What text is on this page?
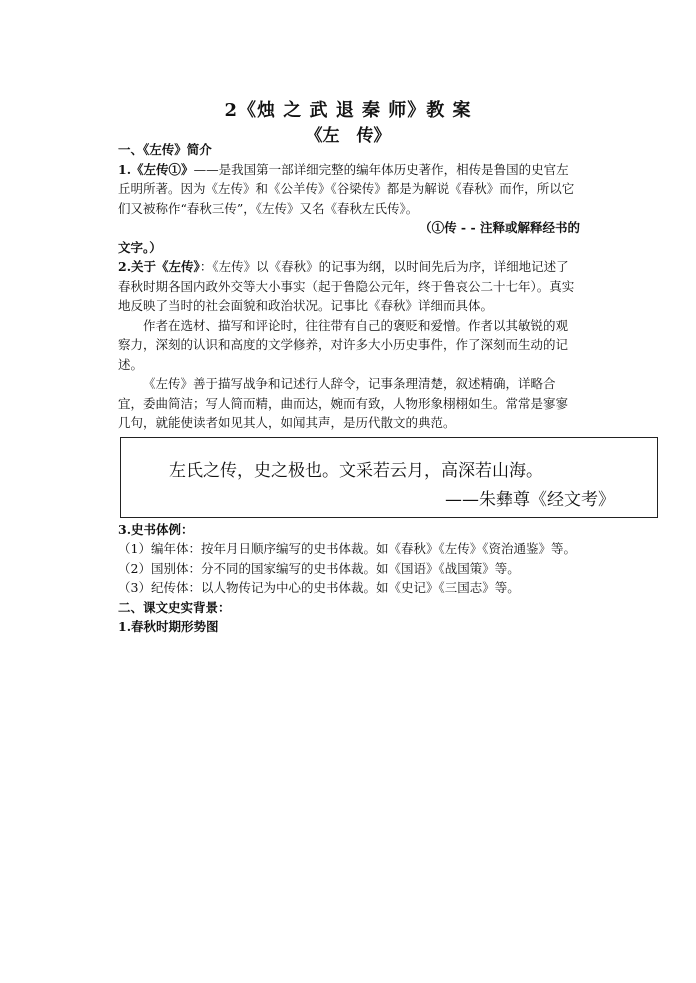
2《烛 之 武 退 秦 师》教 案
《左　传》

一、《左传》简介

1.《左传①》——是我国第一部详细完整的编年体历史著作，相传是鲁国的史官左丘明所著。因为《左传》和《公羊传》《谷梁传》都是为解说《春秋》而作，所以它们又被称作“春秋三传”，《左传》又名《春秋左氏传》。

（①传 - - 注释或解释经书的

文字。）

2.关于《左传》：《左传》以《春秋》的记事为纲，以时间先后为序，详细地记述了春秋时期各国内政外交等大小事实（起于鲁隐公元年，终于鲁哀公二十七年）。真实地反映了当时的社会面貌和政治状况。记事比《春秋》详细而具体。

作者在选材、描写和评论时，往往带有自己的褒贬和爱憎。作者以其敏锐的观察力，深刻的认识和高度的文学修养，对许多大小历史事件，作了深刻而生动的记述。

《左传》善于描写战争和记述行人辞令，记事条理清楚，叙述精确，详略合宜，委曲简洁；写人简而精，曲而达，婉而有致，人物形象栩栩如生。常常是寥寥几句，就能使读者如见其人，如闻其声，是历代散文的典范。

左氏之传，史之极也。文采若云月，高深若山海。
——朱彝尊《经文考》

3.史书体例：

（1）编年体：按年月日顺序编写的史书体裁。如《春秋》《左传》《资治通鉴》等。

（2）国别体：分不同的国家编写的史书体裁。如《国语》《战国策》等。

（3）纪传体：以人物传记为中心的史书体裁。如《史记》《三国志》等。

二、课文史实背景：

1.春秋时期形势图
